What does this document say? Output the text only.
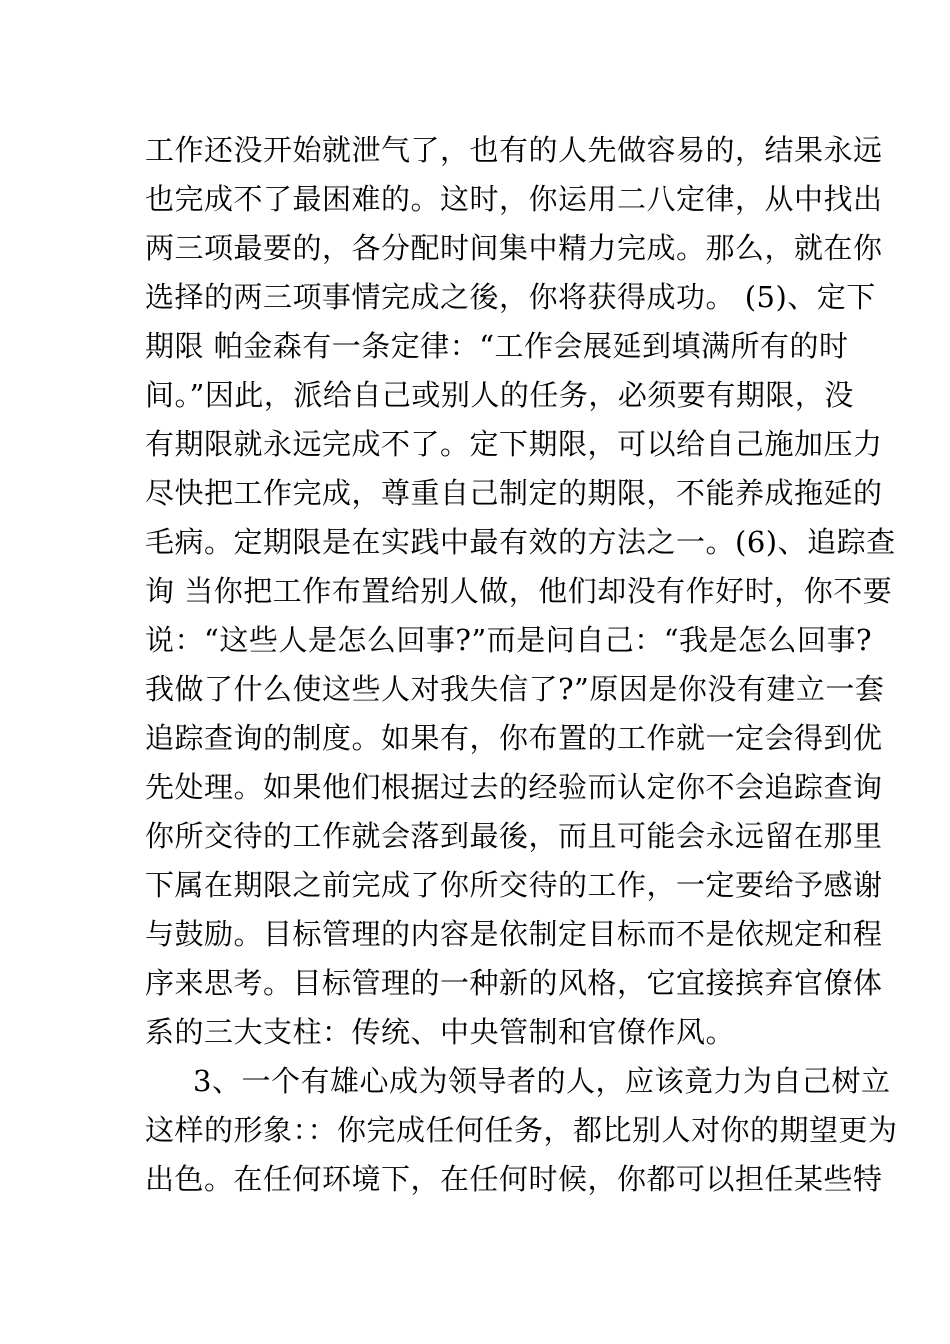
工作还没开始就泄气了，也有的人先做容易的，结果永远
也完成不了最困难的。这时，你运用二八定律，从中找出
两三项最要的，各分配时间集中精力完成。那么，就在你
选择的两三项事情完成之後，你将获得成功。 (5)、定下
期限 帕金森有一条定律：“工作会展延到填满所有的时
间。”因此，派给自己或别人的任务，必须要有期限，没
有期限就永远完成不了。定下期限，可以给自己施加压力
尽快把工作完成，尊重自己制定的期限，不能养成拖延的
毛病。定期限是在实践中最有效的方法之一。(6)、追踪查
询 当你把工作布置给别人做，他们却没有作好时，你不要
说：“这些人是怎么回事?”而是问自己：“我是怎么回事?
我做了什么使这些人对我失信了?”原因是你没有建立一套
追踪查询的制度。如果有，你布置的工作就一定会得到优
先处理。如果他们根据过去的经验而认定你不会追踪查询
你所交待的工作就会落到最後，而且可能会永远留在那里
下属在期限之前完成了你所交待的工作，一定要给予感谢
与鼓励。目标管理的内容是依制定目标而不是依规定和程
序来思考。目标管理的一种新的风格，它宜接摈弃官僚体
系的三大支柱：传统、中央管制和官僚作风。
3、一个有雄心成为领导者的人，应该竟力为自己树立
这样的形象：：你完成任何任务，都比别人对你的期望更为
出色。在任何环境下，在任何时候，你都可以担任某些特
